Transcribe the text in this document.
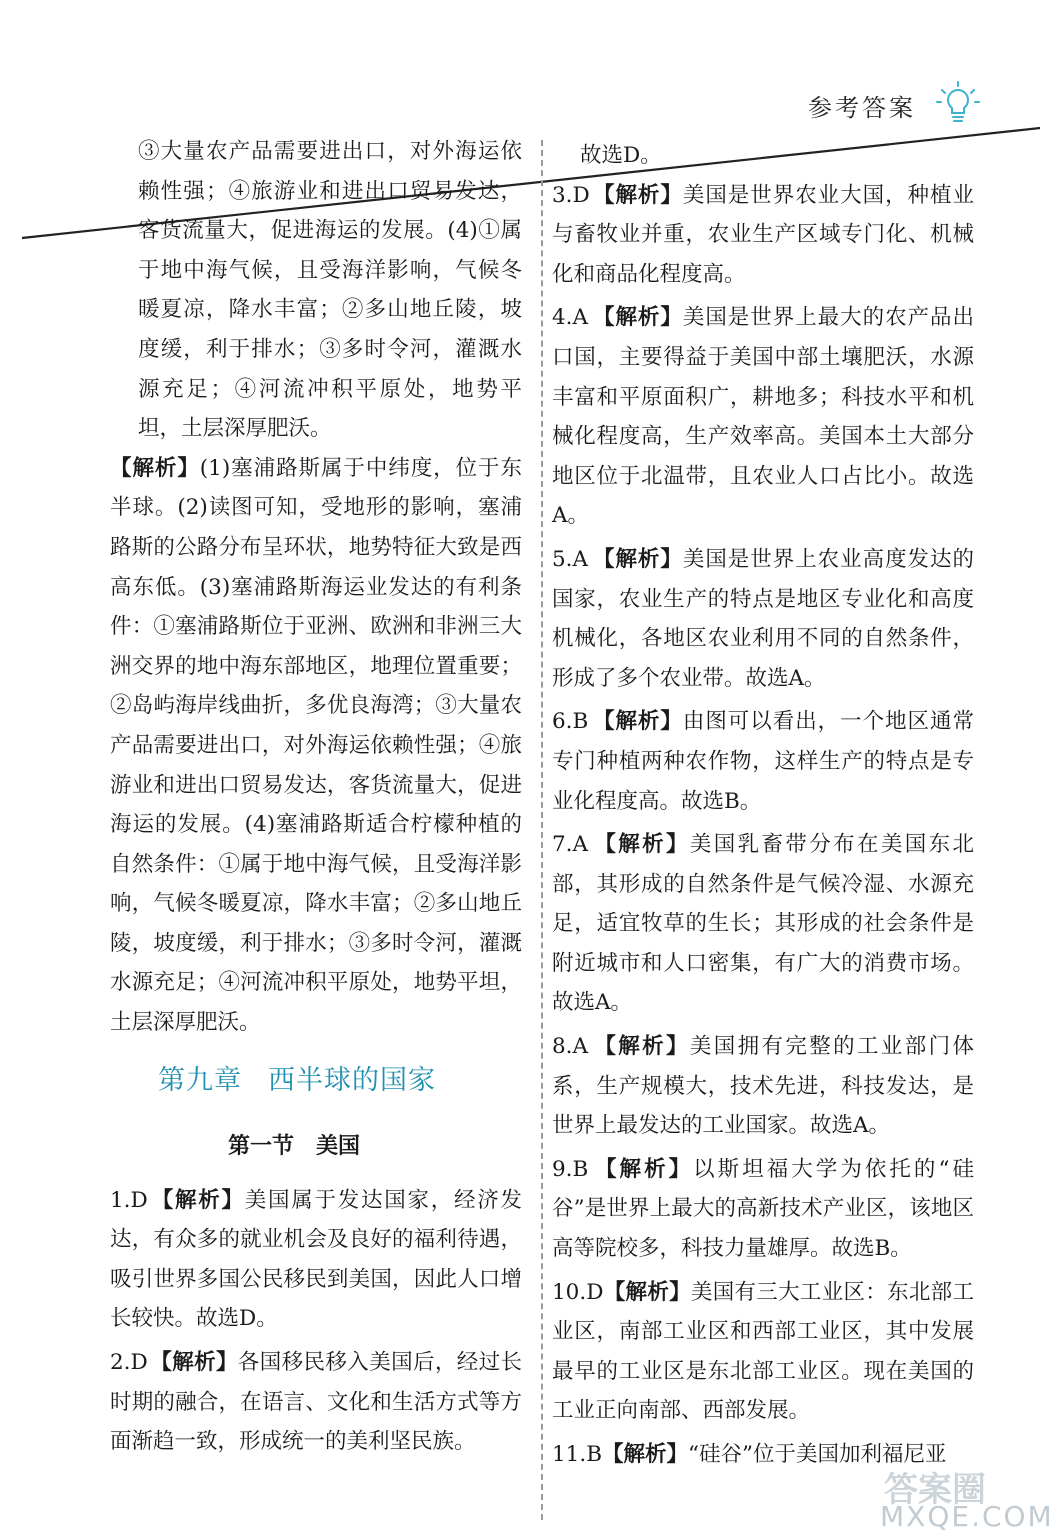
参考答案

③大量农产品需要进出口，对外海运依赖性强；④旅游业和进出口贸易发达，客货流量大，促进海运的发展。(4)①属于地中海气候，且受海洋影响，气候冬暖夏凉，降水丰富；②多山地丘陵，坡度缓，利于排水；③多时令河，灌溉水源充足；④河流冲积平原处，地势平坦，土层深厚肥沃。

【解析】(1)塞浦路斯属于中纬度，位于东半球。(2)读图可知，受地形的影响，塞浦路斯的公路分布呈环状，地势特征大致是西高东低。(3)塞浦路斯海运业发达的有利条件：①塞浦路斯位于亚洲、欧洲和非洲三大洲交界的地中海东部地区，地理位置重要；②岛屿海岸线曲折，多优良海湾；③大量农产品需要进出口，对外海运依赖性强；④旅游业和进出口贸易发达，客货流量大，促进海运的发展。(4)塞浦路斯适合柠檬种植的自然条件：①属于地中海气候，且受海洋影响，气候冬暖夏凉，降水丰富；②多山地丘陵，坡度缓，利于排水；③多时令河，灌溉水源充足；④河流冲积平原处，地势平坦，土层深厚肥沃。

第九章 西半球的国家
第一节 美国

1.D 【解析】美国属于发达国家，经济发达，有众多的就业机会及良好的福利待遇，吸引世界多国公民移民到美国，因此人口增长较快。故选D。

2.D 【解析】各国移民移入美国后，经过长时期的融合，在语言、文化和生活方式等方面渐趋一致，形成统一的美利坚民族。

故选D。

3.D 【解析】美国是世界农业大国，种植业与畜牧业并重，农业生产区域专门化、机械化和商品化程度高。

4.A 【解析】美国是世界上最大的农产品出口国，主要得益于美国中部土壤肥沃，水源丰富和平原面积广，耕地多；科技水平和机械化程度高，生产效率高。美国本土大部分地区位于北温带，且农业人口占比小。故选A。

5.A 【解析】美国是世界上农业高度发达的国家，农业生产的特点是地区专业化和高度机械化，各地区农业利用不同的自然条件，形成了多个农业带。故选A。

6.B 【解析】由图可以看出，一个地区通常专门种植两种农作物，这样生产的特点是专业化程度高。故选B。

7.A 【解析】美国乳畜带分布在美国东北部，其形成的自然条件是气候冷湿、水源充足，适宜牧草的生长；其形成的社会条件是附近城市和人口密集，有广大的消费市场。故选A。

8.A 【解析】美国拥有完整的工业部门体系，生产规模大，技术先进，科技发达，是世界上最发达的工业国家。故选A。

9.B 【解析】以斯坦福大学为依托的“硅谷”是世界上最大的高新技术产业区，该地区高等院校多，科技力量雄厚。故选B。

10.D【解析】美国有三大工业区：东北部工业区，南部工业区和西部工业区，其中发展最早的工业区是东北部工业区。现在美国的工业正向南部、西部发展。

11.B【解析】“硅谷”位于美国加利福尼亚

答案圈
MXQE.COM
